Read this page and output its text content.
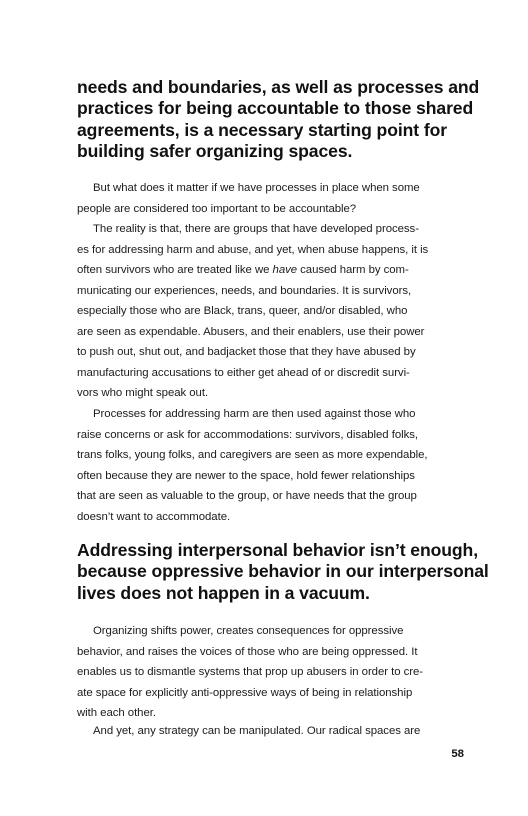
needs and boundaries, as well as processes and
practices for being accountable to those shared
agreements, is a necessary starting point for
building safer organizing spaces.

But what does it matter if we have processes in place when some
people are considered too important to be accountable?

The reality is that, there are groups that have developed process-
es for addressing harm and abuse, and yet, when abuse happens, it is
often survivors who are treated like we have caused harm by com-
municating our experiences, needs, and boundaries. It is survivors,
especially those who are Black, trans, queer, and/or disabled, who
are seen as expendable. Abusers, and their enablers, use their power
to push out, shut out, and badjacket those that they have abused by
manufacturing accusations to either get ahead of or discredit survi-
vors who might speak out.

Processes for addressing harm are then used against those who
raise concerns or ask for accommodations: survivors, disabled folks,
trans folks, young folks, and caregivers are seen as more expendable,
often because they are newer to the space, hold fewer relationships
that are seen as valuable to the group, or have needs that the group
doesn’t want to accommodate.

Addressing interpersonal behavior isn’t enough,
because oppressive behavior in our interpersonal
lives does not happen in a vacuum.

Organizing shifts power, creates consequences for oppressive
behavior, and raises the voices of those who are being oppressed. It
enables us to dismantle systems that prop up abusers in order to cre-
ate space for explicitly anti-oppressive ways of being in relationship
with each other.

And yet, any strategy can be manipulated. Our radical spaces are

58
